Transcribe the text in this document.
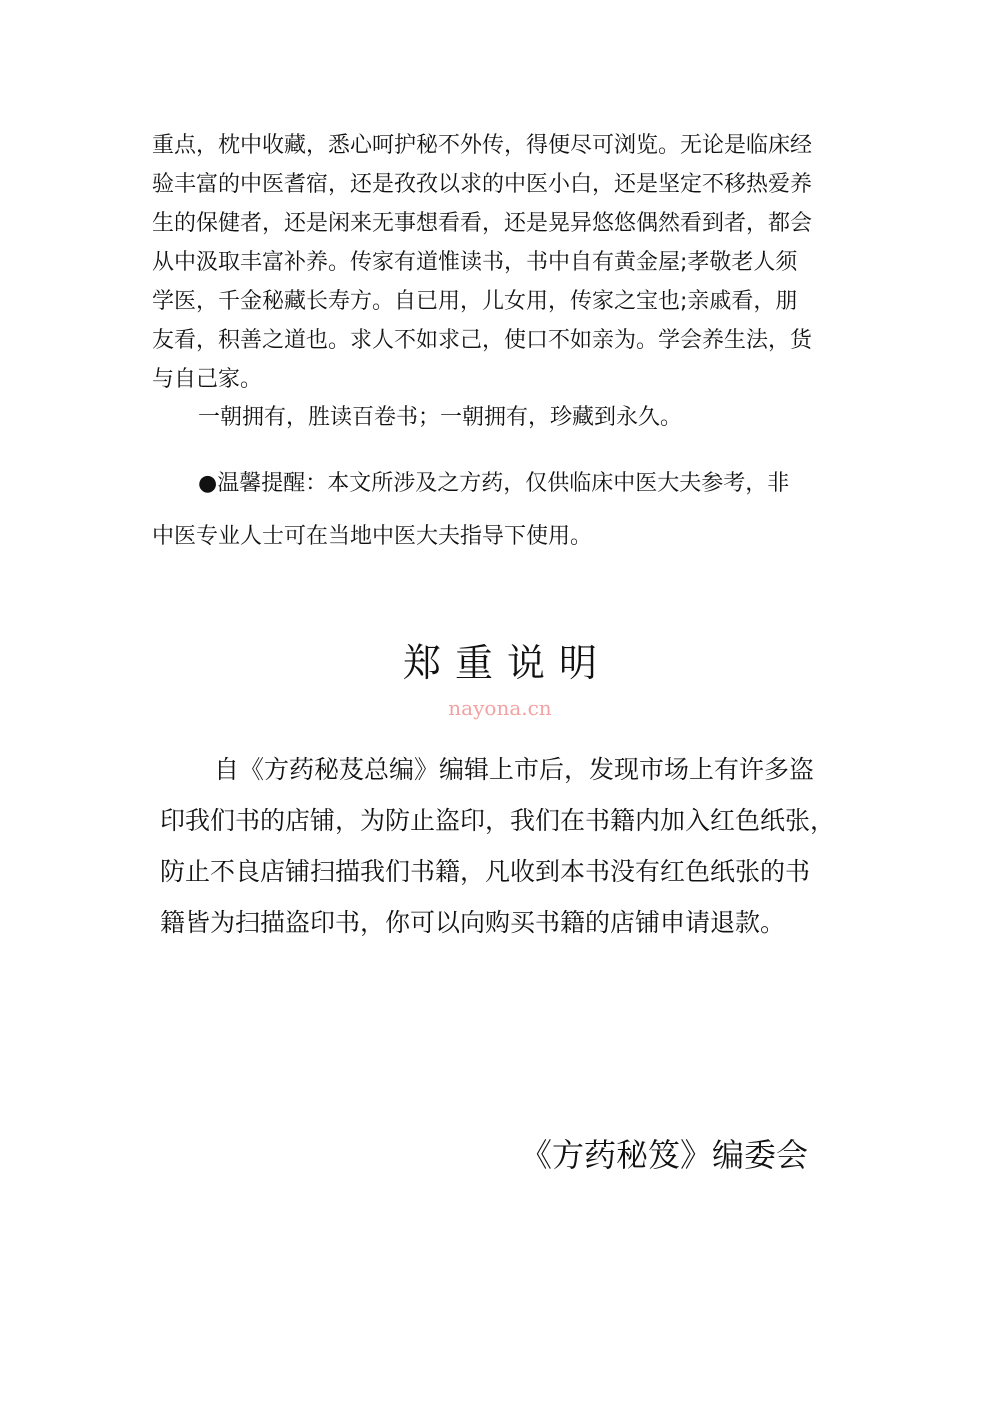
重点，枕中收藏，悉心呵护秘不外传，得便尽可浏览。无论是临床经
验丰富的中医耆宿，还是孜孜以求的中医小白，还是坚定不移热爱养
生的保健者，还是闲来无事想看看，还是晃异悠悠偶然看到者，都会
从中汲取丰富补养。传家有道惟读书，书中自有黄金屋;孝敬老人须
学医，千金秘藏长寿方。自已用，儿女用，传家之宝也;亲戚看，朋
友看，积善之道也。求人不如求己，使口不如亲为。学会养生法，货
与自己家。
一朝拥有，胜读百卷书；一朝拥有，珍藏到永久。
●温馨提醒：本文所涉及之方药，仅供临床中医大夫参考，非
中医专业人士可在当地中医大夫指导下使用。
郑重说明
nayona.cn
自《方药秘芨总编》编辑上市后，发现市场上有许多盗
印我们书的店铺，为防止盗印，我们在书籍内加入红色纸张，
防止不良店铺扫描我们书籍，凡收到本书没有红色纸张的书
籍皆为扫描盗印书，你可以向购买书籍的店铺申请退款。
《方药秘笈》编委会
